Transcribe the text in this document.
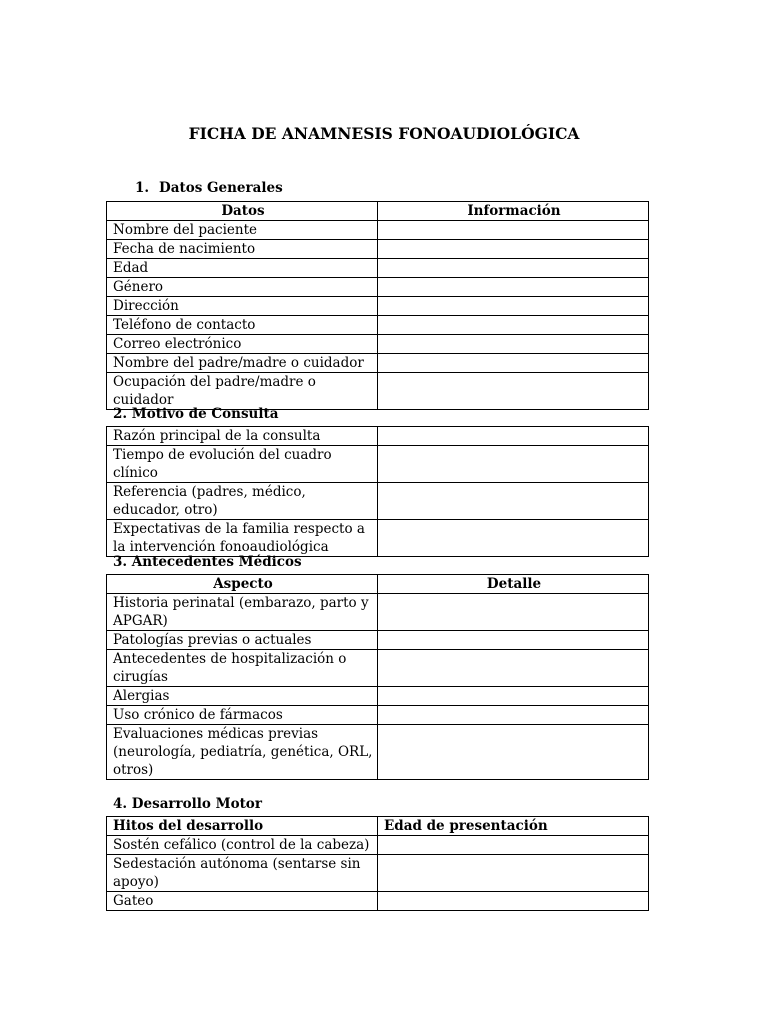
FICHA DE ANAMNESIS FONOAUDIOLÓGICA
1. Datos Generales
Datos	Información
Nombre del paciente	
Fecha de nacimiento	
Edad	
Género	
Dirección	
Teléfono de contacto	
Correo electrónico	
Nombre del padre/madre o cuidador	
Ocupación del padre/madre o cuidador	
2. Motivo de Consulta
Razón principal de la consulta	
Tiempo de evolución del cuadro clínico	
Referencia (padres, médico, educador, otro)	
Expectativas de la familia respecto a la intervención fonoaudiológica	
3. Antecedentes Médicos
Aspecto	Detalle
Historia perinatal (embarazo, parto y APGAR)	
Patologías previas o actuales	
Antecedentes de hospitalización o cirugías	
Alergias	
Uso crónico de fármacos	
Evaluaciones médicas previas (neurología, pediatría, genética, ORL, otros)	
4. Desarrollo Motor
Hitos del desarrollo	Edad de presentación
Sostén cefálico (control de la cabeza)	
Sedestación autónoma (sentarse sin apoyo)	
Gateo	
